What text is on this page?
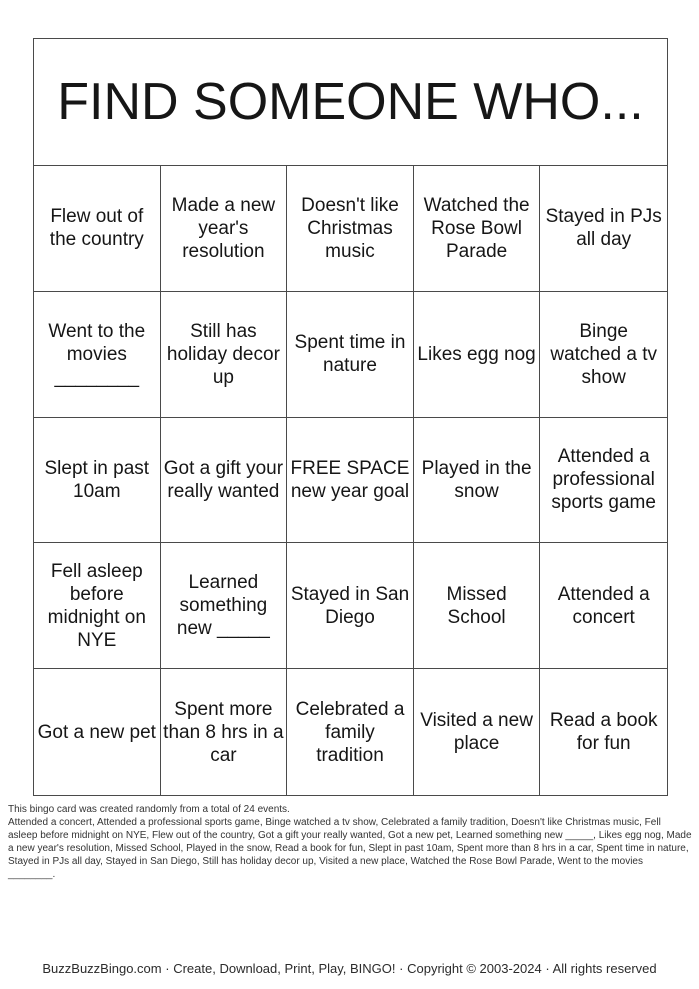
FIND SOMEONE WHO...
Flew out of the country
Made a new year's resolution
Doesn't like Christmas music
Watched the Rose Bowl Parade
Stayed in PJs all day
Went to the movies ________
Still has holiday decor up
Spent time in nature
Likes egg nog
Binge watched a tv show
Slept in past 10am
Got a gift your really wanted
FREE SPACE new year goal
Played in the snow
Attended a professional sports game
Fell asleep before midnight on NYE
Learned something new _____
Stayed in San Diego
Missed School
Attended a concert
Got a new pet
Spent more than 8 hrs in a car
Celebrated a family tradition
Visited a new place
Read a book for fun
This bingo card was created randomly from a total of 24 events.
Attended a concert, Attended a professional sports game, Binge watched a tv show, Celebrated a family tradition, Doesn't like Christmas music, Fell asleep before midnight on NYE, Flew out of the country, Got a gift your really wanted, Got a new pet, Learned something new _____, Likes egg nog, Made a new year's resolution, Missed School, Played in the snow, Read a book for fun, Slept in past 10am, Spent more than 8 hrs in a car, Spent time in nature, Stayed in PJs all day, Stayed in San Diego, Still has holiday decor up, Visited a new place, Watched the Rose Bowl Parade, Went to the movies ________.
BuzzBuzzBingo.com · Create, Download, Print, Play, BINGO! · Copyright © 2003-2024 · All rights reserved
